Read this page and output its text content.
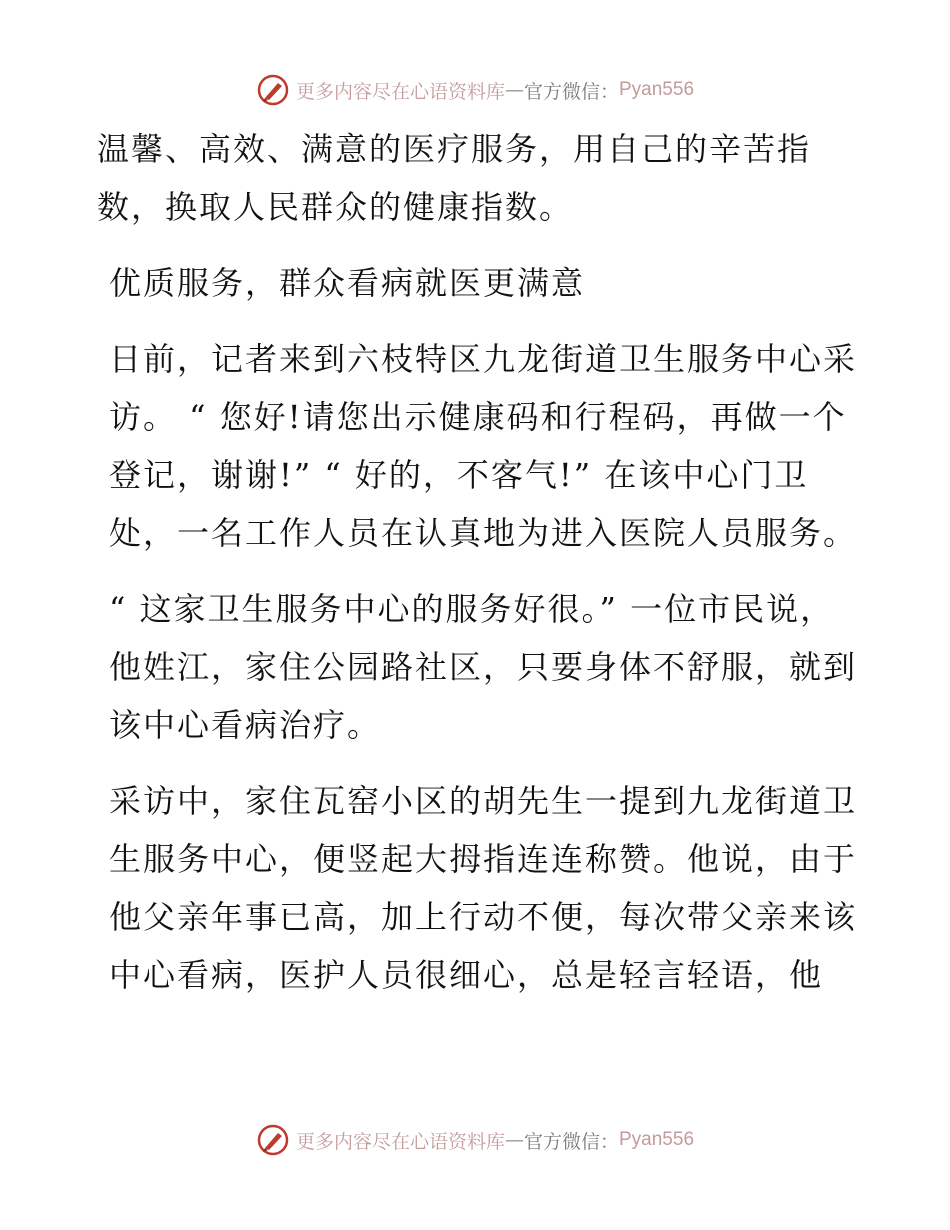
更多内容尽在心语资料库 — 官方微信： Pyan556

温馨、高效、满意的医疗服务，用自己的辛苦指数，换取人民群众的健康指数。

优质服务，群众看病就医更满意

日前，记者来到六枝特区九龙街道卫生服务中心采访。 “ 您好!请您出示健康码和行程码，再做一个登记，谢谢!” “ 好的，不客气!” 在该中心门卫处，一名工作人员在认真地为进入医院人员服务。

“ 这家卫生服务中心的服务好很。” 一位市民说，他姓江，家住公园路社区，只要身体不舒服，就到该中心看病治疗。

采访中，家住瓦窑小区的胡先生一提到九龙街道卫生服务中心，便竖起大拇指连连称赞。他说，由于他父亲年事已高，加上行动不便，每次带父亲来该中心看病，医护人员很细心，总是轻言轻语，他

更多内容尽在心语资料库 — 官方微信： Pyan556
